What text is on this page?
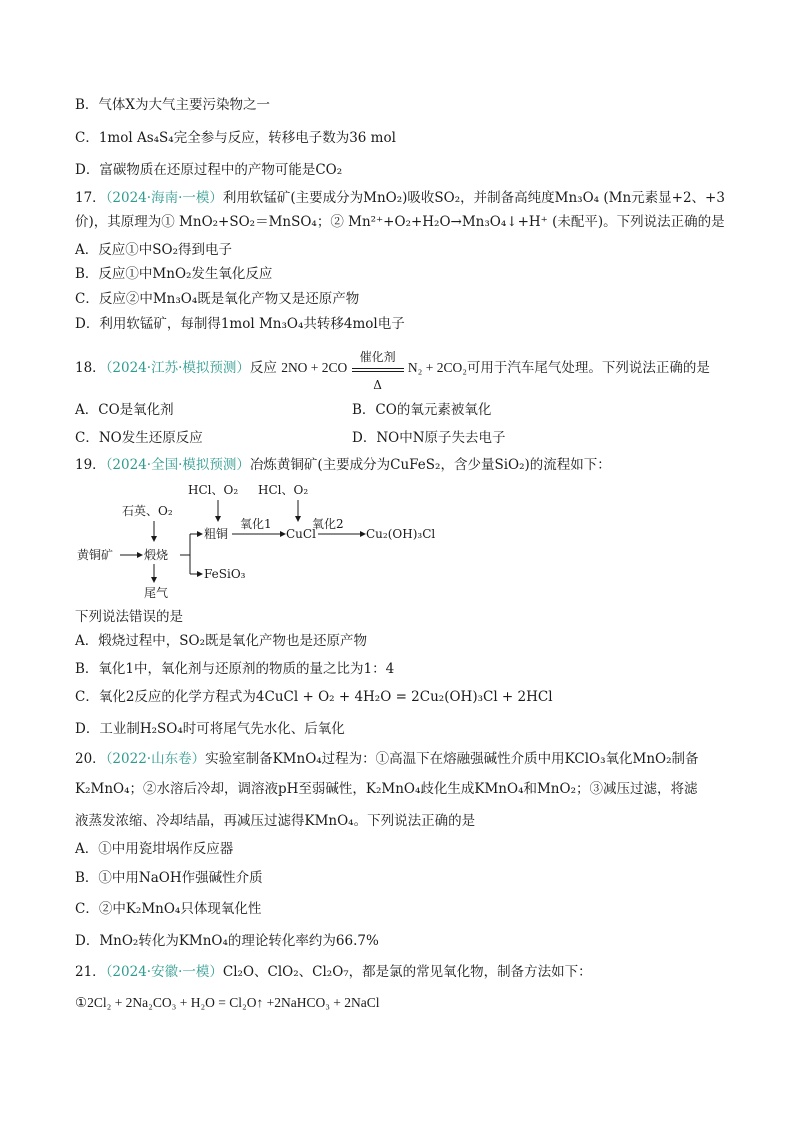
B．气体X为大气主要污染物之一
C．1mol As₄S₄完全参与反应，转移电子数为36 mol
D．富碳物质在还原过程中的产物可能是CO₂
17．（2024·海南·一模）利用软锰矿(主要成分为MnO₂)吸收SO₂，并制备高纯度Mn₃O₄ (Mn元素显+2、+3
价)，其原理为① MnO₂+SO₂＝MnSO₄；② Mn²⁺+O₂+H₂O→Mn₃O₄↓+H⁺ (未配平)。下列说法正确的是
A．反应①中SO₂得到电子
B．反应①中MnO₂发生氧化反应
C．反应②中Mn₃O₄既是氧化产物又是还原产物
D．利用软锰矿，每制得1mol Mn₃O₄共转移4mol电子
18．（2024·江苏·模拟预测）反应 2NO + 2CO
催化剂
Δ
N₂ + 2CO₂可用于汽车尾气处理。下列说法正确的是
A．CO是氧化剂	B．CO的氧元素被氧化
C．NO发生还原反应	D．NO中N原子失去电子
19．（2024·全国·模拟预测）冶炼黄铜矿(主要成分为CuFeS₂，含少量SiO₂)的流程如下：
黄铜矿
石英、O₂
煅烧
尾气
粗铜
FeSiO₃
HCl、O₂ HCl、O₂
氧化1
CuCl
氧化2
Cu₂(OH)₃Cl
下列说法错误的是
A．煅烧过程中，SO₂既是氧化产物也是还原产物
B．氧化1中，氧化剂与还原剂的物质的量之比为1：4
C．氧化2反应的化学方程式为4CuCl + O₂ + 4H₂O = 2Cu₂(OH)₃Cl + 2HCl
D．工业制H₂SO₄时可将尾气先水化、后氧化
20．（2022·山东卷）实验室制备KMnO₄过程为：①高温下在熔融强碱性介质中用KClO₃氧化MnO₂制备
K₂MnO₄；②水溶后冷却，调溶液pH至弱碱性，K₂MnO₄歧化生成KMnO₄和MnO₂；③减压过滤，将滤
液蒸发浓缩、冷却结晶，再减压过滤得KMnO₄。下列说法正确的是
A．①中用瓷坩埚作反应器
B．①中用NaOH作强碱性介质
C．②中K₂MnO₄只体现氧化性
D．MnO₂转化为KMnO₄的理论转化率约为66.7%
21．（2024·安徽·一模）Cl₂O、ClO₂、Cl₂O₇，都是氯的常见氧化物，制备方法如下：
①2Cl₂ + 2Na₂CO₃ + H₂O = Cl₂O↑ +2NaHCO₃ + 2NaCl
